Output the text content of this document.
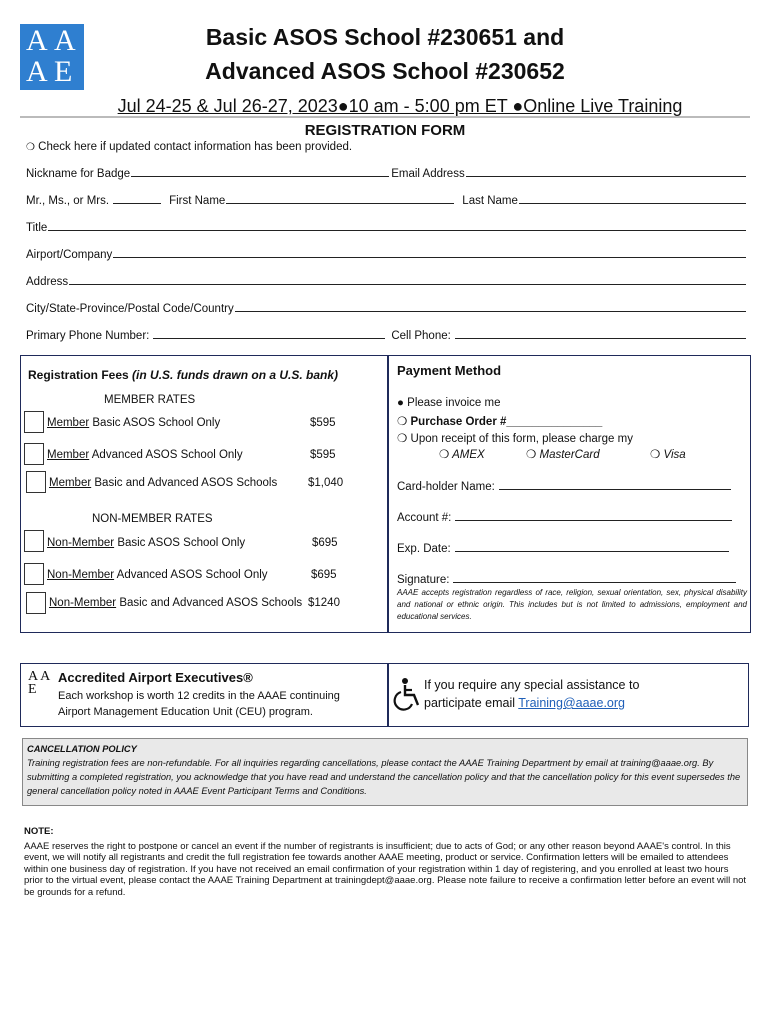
A A
A E
Basic ASOS School #230651 and
Advanced ASOS School #230652
Jul 24-25 & Jul 26-27, 2023●10 am - 5:00 pm ET ●Online Live Training
REGISTRATION FORM
❍ Check here if updated contact information has been provided.
Nickname for Badge	Email Address
Mr., Ms., or Mrs.	First Name	Last Name
Title
Airport/Company
Address
City/State-Province/Postal Code/Country
Primary Phone Number:	Cell Phone:
Registration Fees (in U.S. funds drawn on a U.S. bank)
MEMBER RATES
Member Basic ASOS School Only	$595
Member Advanced ASOS School Only	$595
Member Basic and Advanced ASOS Schools	$1,040
NON-MEMBER RATES
Non-Member Basic ASOS School Only	$695
Non-Member Advanced ASOS School Only	$695
Non-Member Basic and Advanced ASOS Schools $1240
Payment Method
● Please invoice me
❍ Purchase Order #_______________
❍ Upon receipt of this form, please charge my
❍ AMEX	❍ MasterCard	❍ Visa
Card-holder Name:
Account #:
Exp. Date:
Signature:
AAAE accepts registration regardless of race, religion, sexual orientation, sex, physical disability and national or ethnic origin. This includes but is not limited to admissions, employment and educational services.
A A E
Accredited Airport Executives®
Each workshop is worth 12 credits in the AAAE continuing Airport Management Education Unit (CEU) program.
If you require any special assistance to
participate email Training@aaae.org
CANCELLATION POLICY
Training registration fees are non-refundable. For all inquiries regarding cancellations, please contact the AAAE Training Department by email at training@aaae.org. By submitting a completed registration, you acknowledge that you have read and understand the cancellation policy and that the cancellation policy for this event supersedes the general cancellation policy noted in AAAE Event Participant Terms and Conditions.
NOTE:
AAAE reserves the right to postpone or cancel an event if the number of registrants is insufficient; due to acts of God; or any other reason beyond AAAE's control. In this event, we will notify all registrants and credit the full registration fee towards another AAAE meeting, product or service. Confirmation letters will be emailed to attendees within one business day of registration. If you have not received an email confirmation of your registration within 1 day of registering, and you enrolled at least two hours prior to the virtual event, please contact the AAAE Training Department at trainingdept@aaae.org. Please note failure to receive a confirmation letter before an event will not be grounds for a refund.
